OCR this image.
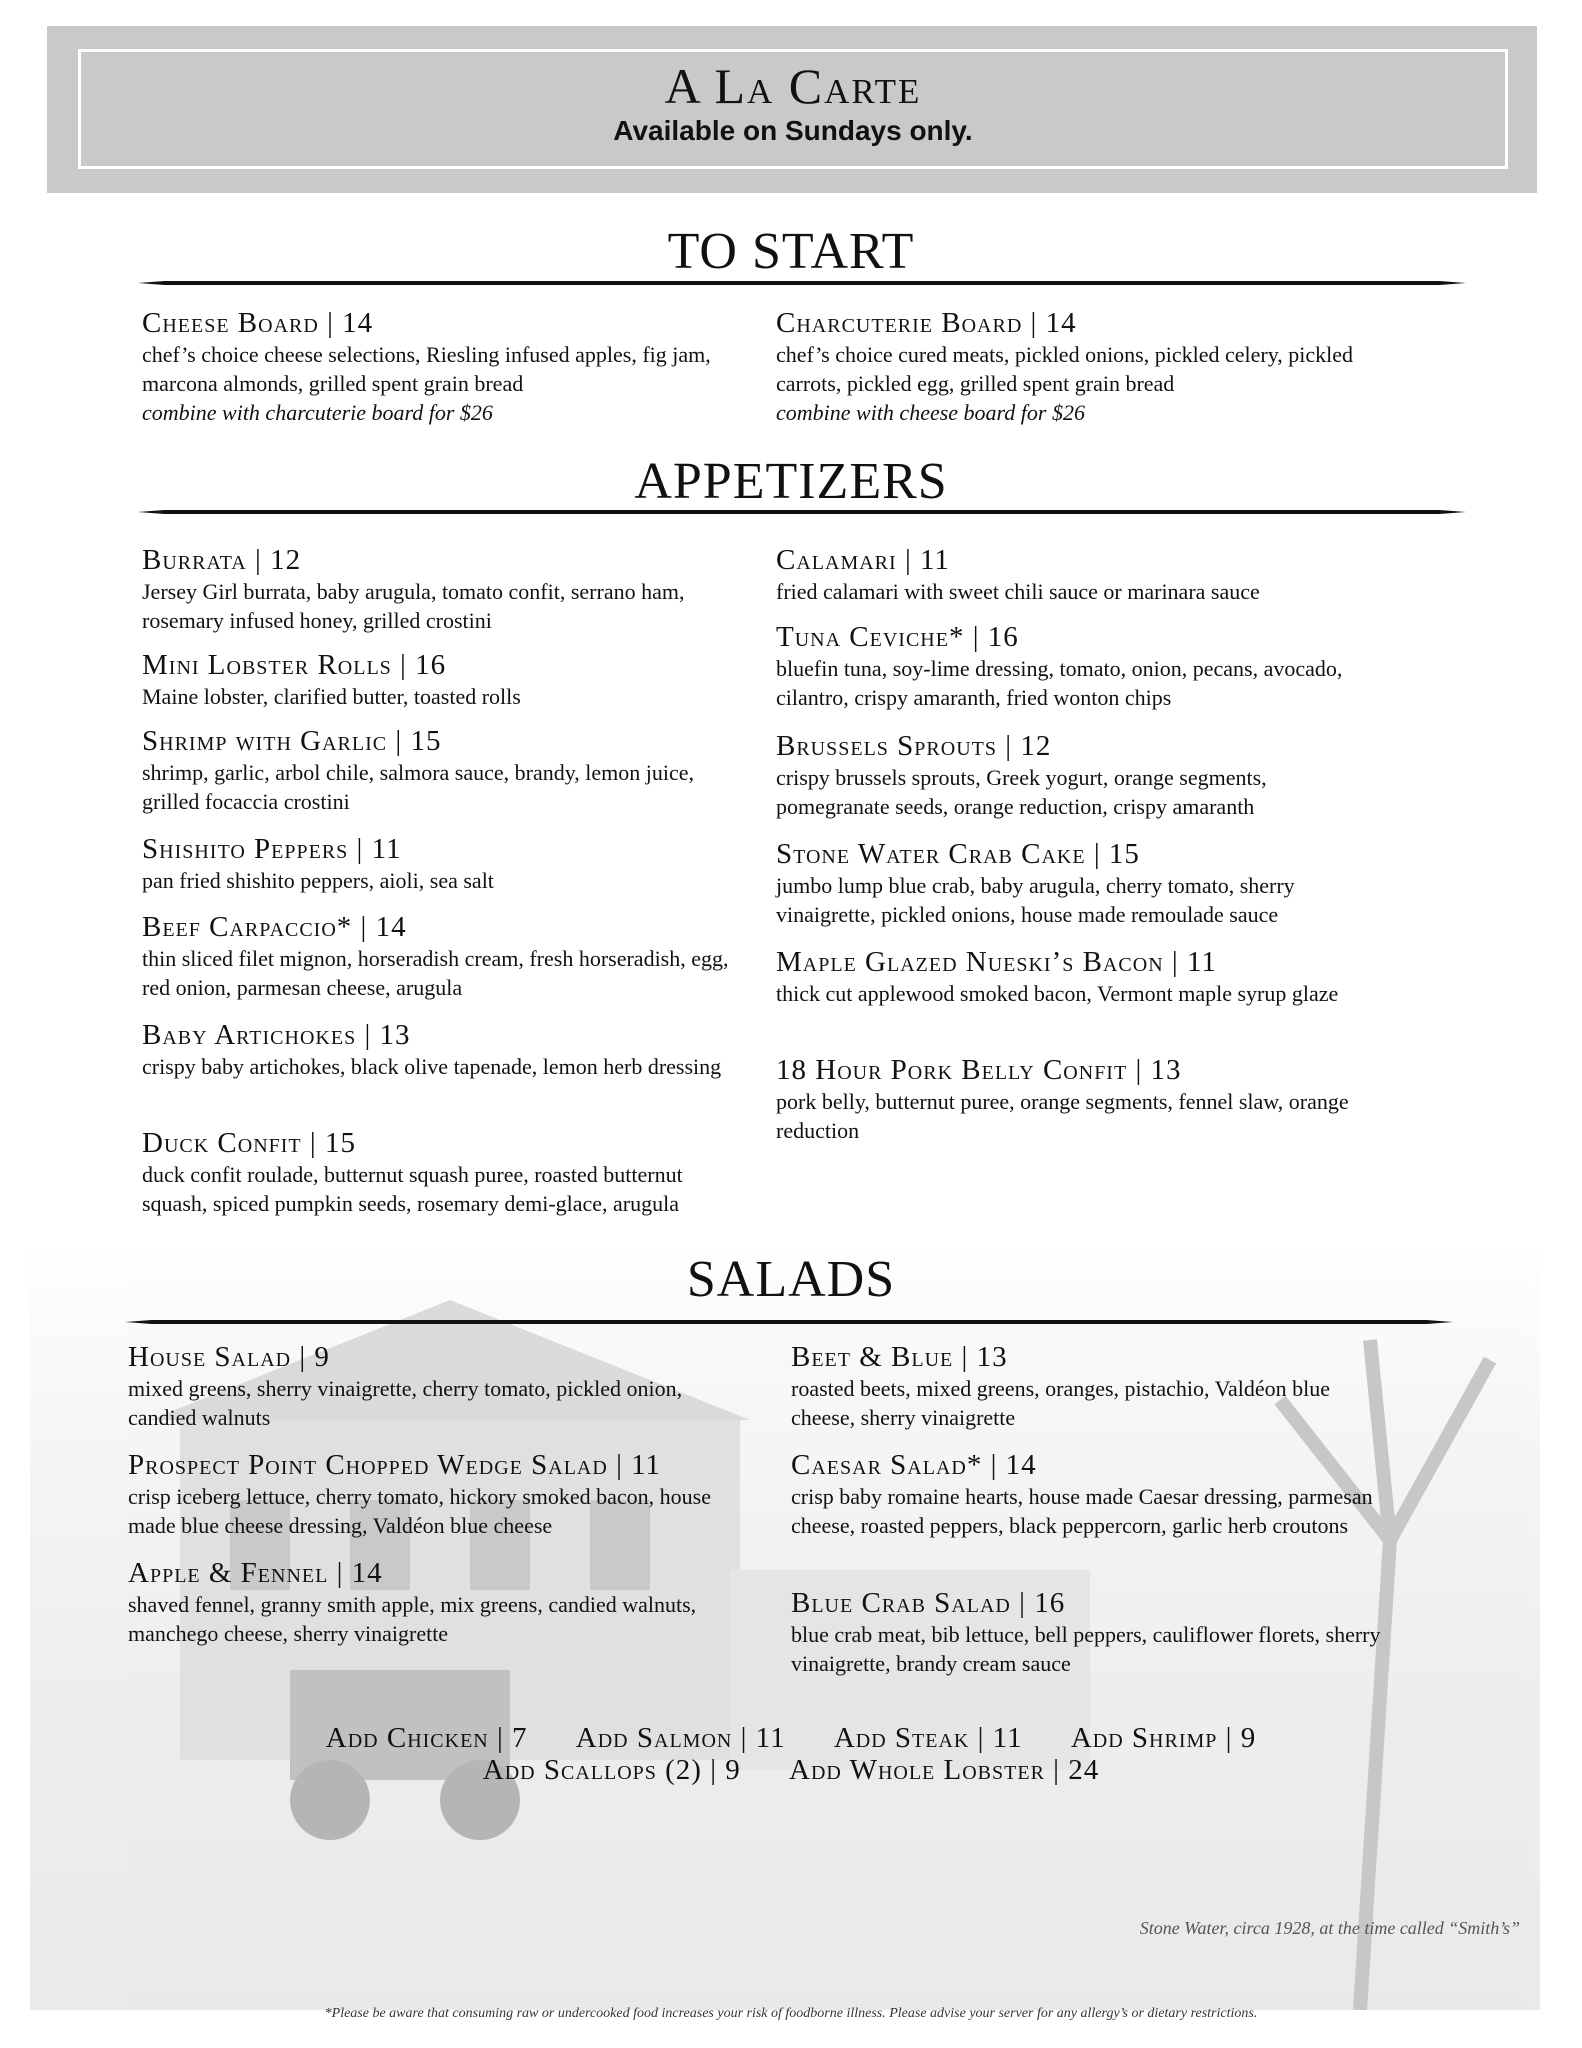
A La Carte
Available on Sundays only.
TO START
Cheese Board | 14
chef’s choice cheese selections, Riesling infused apples, fig jam, marcona almonds, grilled spent grain bread
combine with charcuterie board for $26
Charcuterie Board | 14
chef’s choice cured meats, pickled onions, pickled celery, pickled carrots, pickled egg, grilled spent grain bread
combine with cheese board for $26
APPETIZERS
Burrata | 12
Jersey Girl burrata, baby arugula, tomato confit, serrano ham, rosemary infused honey, grilled crostini
Mini Lobster Rolls | 16
Maine lobster, clarified butter, toasted rolls
Shrimp with Garlic | 15
shrimp, garlic, arbol chile, salmora sauce, brandy, lemon juice, grilled focaccia crostini
Shishito Peppers | 11
pan fried shishito peppers, aioli, sea salt
Beef Carpaccio* | 14
thin sliced filet mignon, horseradish cream, fresh horseradish, egg, red onion, parmesan cheese, arugula
Baby Artichokes | 13
crispy baby artichokes, black olive tapenade, lemon herb dressing
Duck Confit | 15
duck confit roulade, butternut squash puree, roasted butternut squash, spiced pumpkin seeds, rosemary demi-glace, arugula
Calamari | 11
fried calamari with sweet chili sauce or marinara sauce
Tuna Ceviche* | 16
bluefin tuna, soy-lime dressing, tomato, onion, pecans, avocado, cilantro, crispy amaranth, fried wonton chips
Brussels Sprouts | 12
crispy brussels sprouts, Greek yogurt, orange segments, pomegranate seeds, orange reduction, crispy amaranth
Stone Water Crab Cake | 15
jumbo lump blue crab, baby arugula, cherry tomato, sherry vinaigrette, pickled onions, house made remoulade sauce
Maple Glazed Nueski’s Bacon | 11
thick cut applewood smoked bacon, Vermont maple syrup glaze
18 Hour Pork Belly Confit | 13
pork belly, butternut puree, orange segments, fennel slaw, orange reduction
SALADS
House Salad | 9
mixed greens, sherry vinaigrette, cherry tomato, pickled onion, candied walnuts
Prospect Point Chopped Wedge Salad | 11
crisp iceberg lettuce, cherry tomato, hickory smoked bacon, house made blue cheese dressing, Valdéon blue cheese
Apple & Fennel | 14
shaved fennel, granny smith apple, mix greens, candied walnuts, manchego cheese, sherry vinaigrette
Beet & Blue | 13
roasted beets, mixed greens, oranges, pistachio, Valdéon blue cheese, sherry vinaigrette
Caesar Salad* | 14
crisp baby romaine hearts, house made Caesar dressing, parmesan cheese, roasted peppers, black peppercorn, garlic herb croutons
Blue Crab Salad | 16
blue crab meat, bib lettuce, bell peppers, cauliflower florets, sherry vinaigrette, brandy cream sauce
Add Chicken | 7 Add Salmon | 11 Add Steak | 11 Add Shrimp | 9
Add Scallops (2) | 9 Add Whole Lobster | 24
Stone Water, circa 1928, at the time called “Smith’s”
*Please be aware that consuming raw or undercooked food increases your risk of foodborne illness. Please advise your server for any allergy’s or dietary restrictions.
